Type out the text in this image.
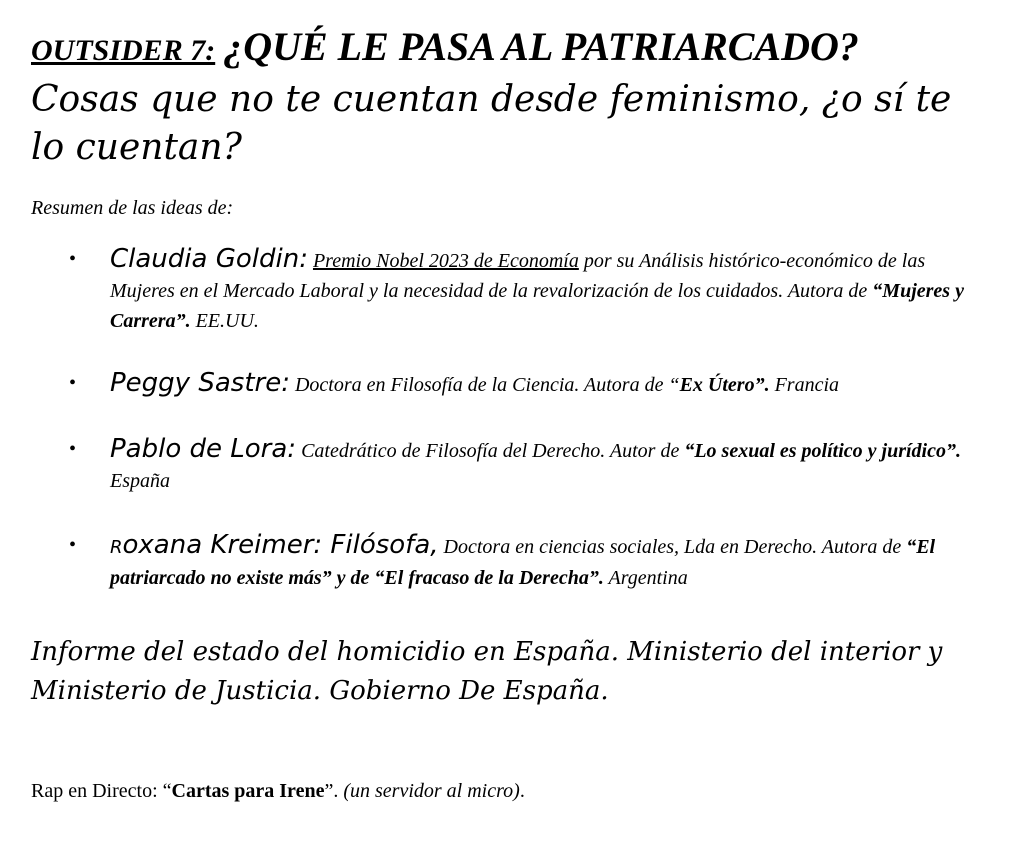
OUTSIDER 7: ¿QUÉ LE PASA AL PATRIARCADO?

Cosas que no te cuentan desde feminismo, ¿o sí te lo cuentan?

Resumen de las ideas de:

• Claudia Goldin: Premio Nobel 2023 de Economía por su Análisis histórico-económico de las Mujeres en el Mercado Laboral y la necesidad de la revalorización de los cuidados. Autora de “Mujeres y Carrera”. EE.UU.
• Peggy Sastre: Doctora en Filosofía de la Ciencia. Autora de “Ex Útero”. Francia
• Pablo de Lora: Catedrático de Filosofía del Derecho. Autor de “Lo sexual es político y jurídico”. España
• Roxana Kreimer: Filósofa, Doctora en ciencias sociales, Lda en Derecho. Autora de “El patriarcado no existe más” y de “El fracaso de la Derecha”. Argentina

Informe del estado del homicidio en España. Ministerio del interior y Ministerio de Justicia. Gobierno De España.

Rap en Directo: “Cartas para Irene”. (un servidor al micro).
